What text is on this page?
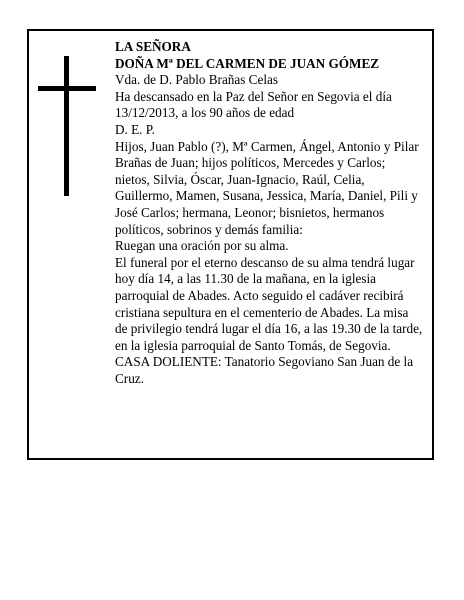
LA SEÑORA

DOÑA Mª DEL CARMEN DE JUAN GÓMEZ

Vda. de D. Pablo Brañas Celas

Ha descansado en la Paz del Señor en Segovia el día 13/12/2013, a los 90 años de edad

D. E. P.

Hijos, Juan Pablo (?), Mª Carmen, Ángel, Antonio y Pilar Brañas de Juan; hijos políticos, Mercedes y Carlos; nietos, Silvia, Óscar, Juan-Ignacio, Raúl, Celia, Guillermo, Mamen, Susana, Jessica, María, Daniel, Pili y José Carlos; hermana, Leonor; bisnietos, hermanos políticos, sobrinos y demás familia:

Ruegan una oración por su alma.

El funeral por el eterno descanso de su alma tendrá lugar hoy día 14, a las 11.30 de la mañana, en la iglesia parroquial de Abades. Acto seguido el cadáver recibirá cristiana sepultura en el cementerio de Abades. La misa de privilegio tendrá lugar el día 16, a las 19.30 de la tarde, en la iglesia parroquial de Santo Tomás, de Segovia.

CASA DOLIENTE: Tanatorio Segoviano San Juan de la Cruz.
